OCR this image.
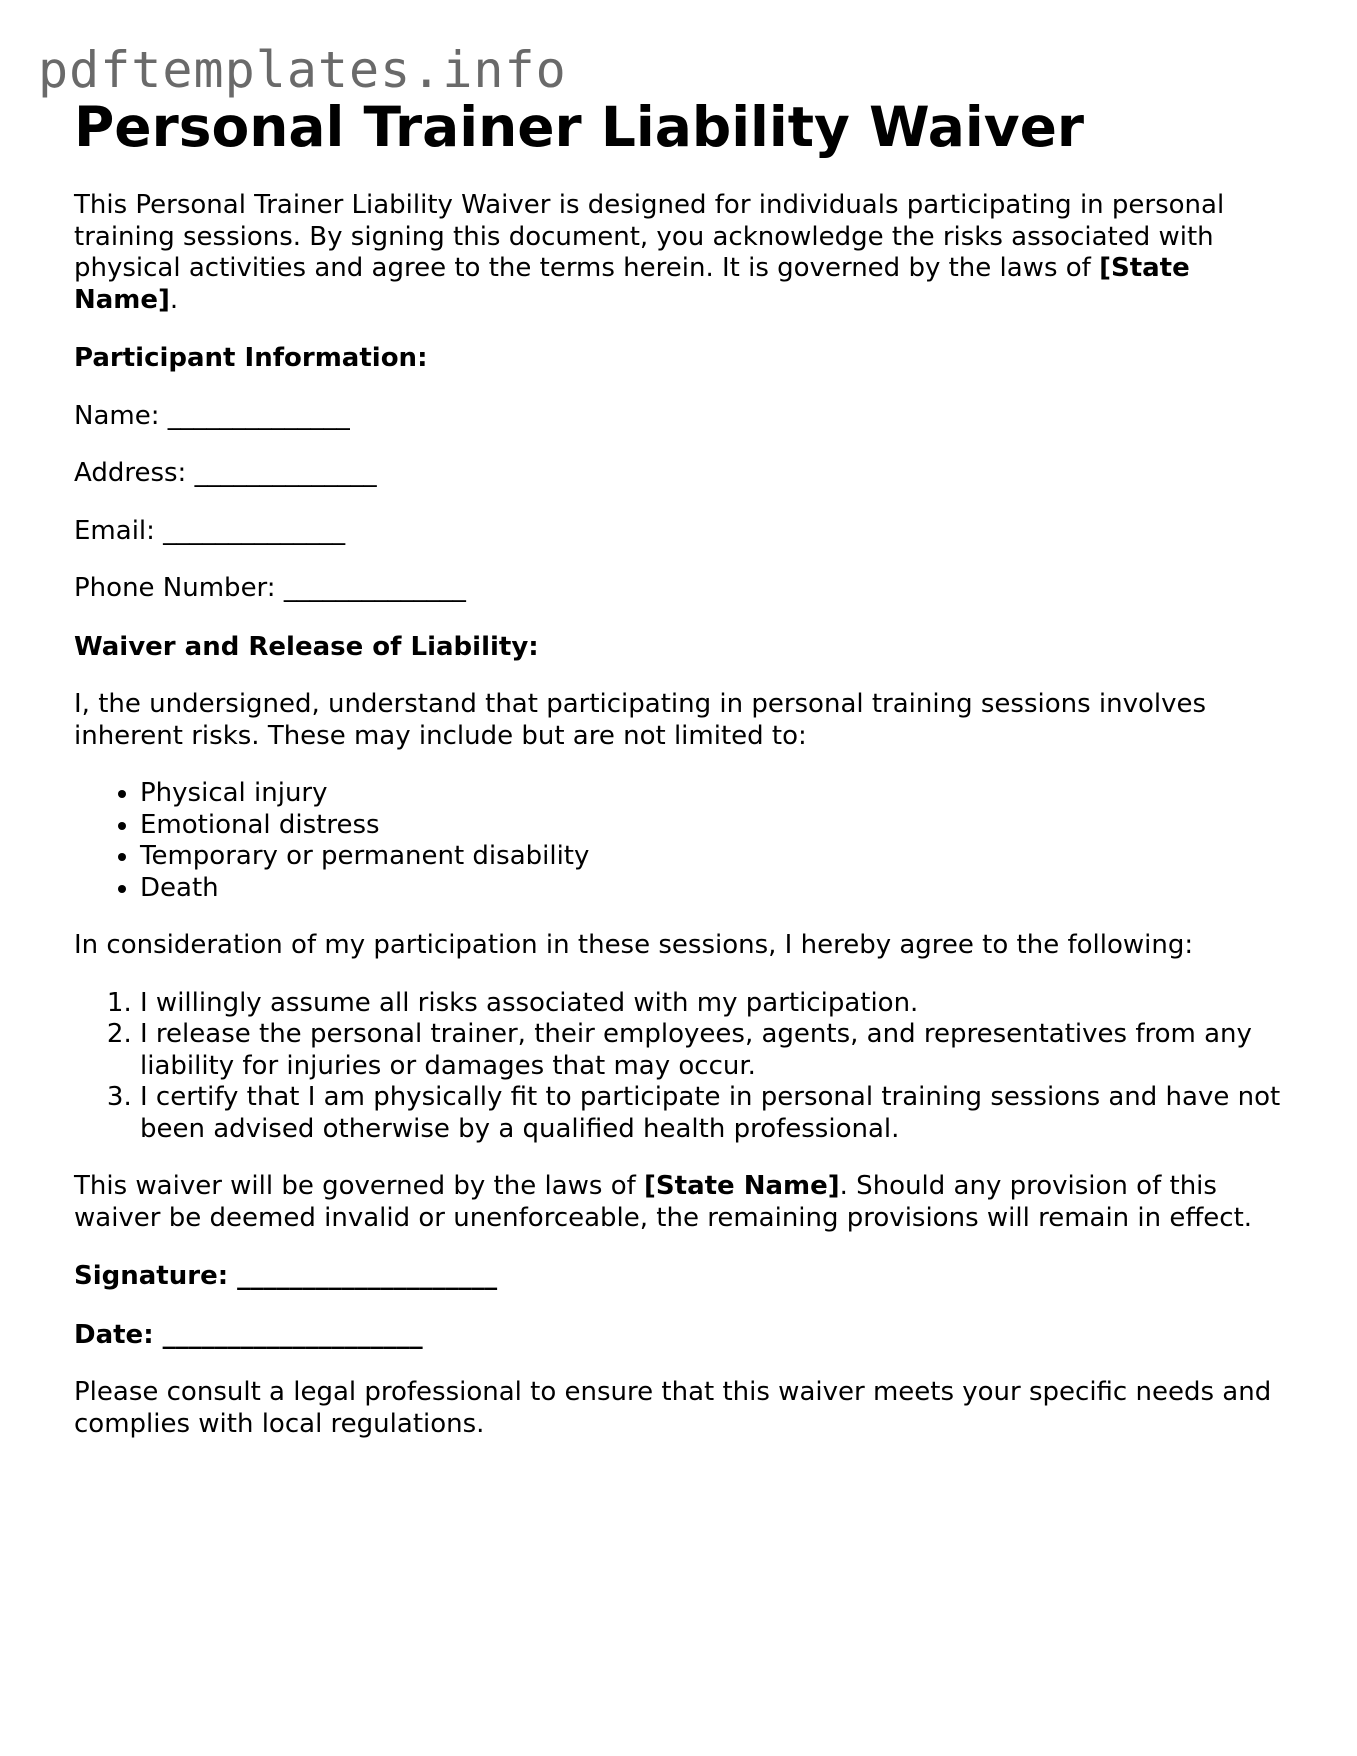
pdftemplates.info
Personal Trainer Liability Waiver

This Personal Trainer Liability Waiver is designed for individuals participating in personal training sessions. By signing this document, you acknowledge the risks associated with physical activities and agree to the terms herein. It is governed by the laws of [State Name].

Participant Information:

Name: ______________

Address: ______________

Email: ______________

Phone Number: ______________

Waiver and Release of Liability:

I, the undersigned, understand that participating in personal training sessions involves inherent risks. These may include but are not limited to:

• Physical injury
• Emotional distress
• Temporary or permanent disability
• Death

In consideration of my participation in these sessions, I hereby agree to the following:

1. I willingly assume all risks associated with my participation.
2. I release the personal trainer, their employees, agents, and representatives from any liability for injuries or damages that may occur.
3. I certify that I am physically fit to participate in personal training sessions and have not been advised otherwise by a qualified health professional.

This waiver will be governed by the laws of [State Name]. Should any provision of this waiver be deemed invalid or unenforceable, the remaining provisions will remain in effect.

Signature: ____________________

Date: ____________________

Please consult a legal professional to ensure that this waiver meets your specific needs and complies with local regulations.
